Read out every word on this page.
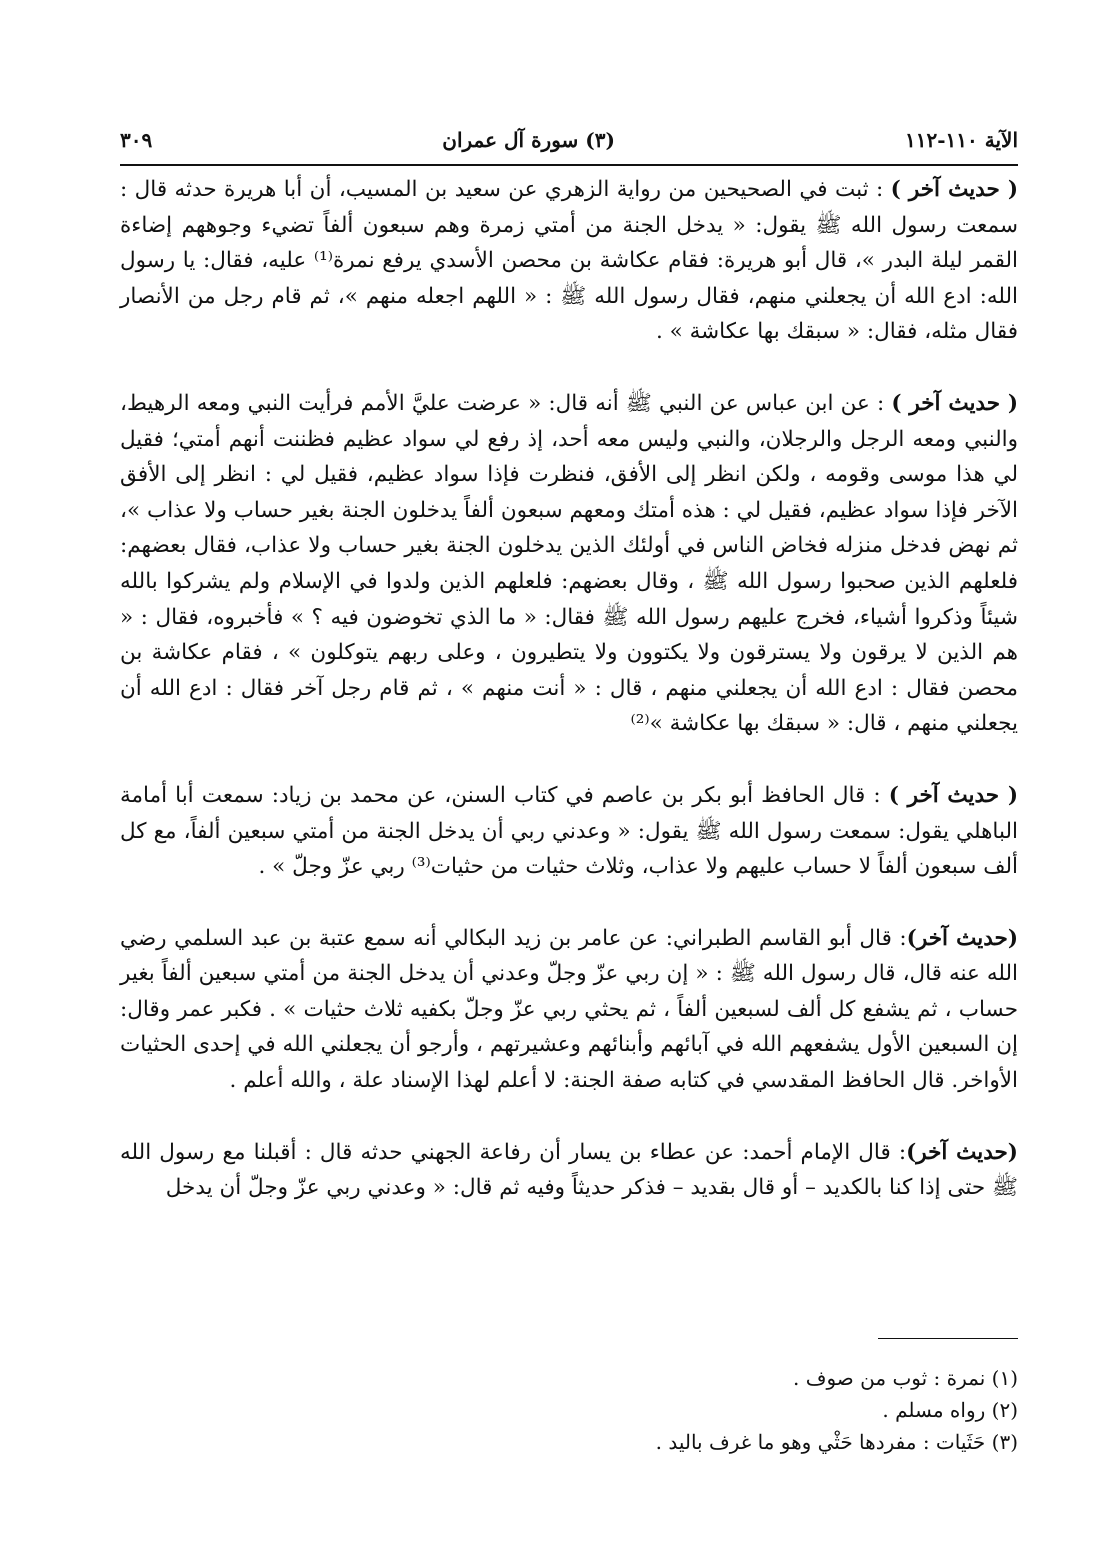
٣٠٩	(٣) سورة آل عمران	الآية ١١٠-١١٢

( حديث آخر ) : ثبت في الصحيحين من رواية الزهري عن سعيد بن المسيب، أن أبا هريرة حدثه قال : سمعت رسول الله ﷺ يقول: « يدخل الجنة من أمتي زمرة وهم سبعون ألفاً تضيء وجوههم إضاءة القمر ليلة البدر »، قال أبو هريرة: فقام عكاشة بن محصن الأسدي يرفع نمرة⁽¹⁾ عليه، فقال: يا رسول الله: ادع الله أن يجعلني منهم، فقال رسول الله ﷺ : « اللهم اجعله منهم »، ثم قام رجل من الأنصار فقال مثله، فقال: « سبقك بها عكاشة » .

( حديث آخر ) : عن ابن عباس عن النبي ﷺ أنه قال: « عرضت عليَّ الأمم فرأيت النبي ومعه الرهيط، والنبي ومعه الرجل والرجلان، والنبي وليس معه أحد، إذ رفع لي سواد عظيم فظننت أنهم أمتي؛ فقيل لي هذا موسى وقومه ، ولكن انظر إلى الأفق، فنظرت فإذا سواد عظيم، فقيل لي : انظر إلى الأفق الآخر فإذا سواد عظيم، فقيل لي : هذه أمتك ومعهم سبعون ألفاً يدخلون الجنة بغير حساب ولا عذاب »، ثم نهض فدخل منزله فخاض الناس في أولئك الذين يدخلون الجنة بغير حساب ولا عذاب، فقال بعضهم: فلعلهم الذين صحبوا رسول الله ﷺ ، وقال بعضهم: فلعلهم الذين ولدوا في الإسلام ولم يشركوا بالله شيئاً وذكروا أشياء، فخرج عليهم رسول الله ﷺ فقال: « ما الذي تخوضون فيه ؟ » فأخبروه، فقال : « هم الذين لا يرقون ولا يسترقون ولا يكتوون ولا يتطيرون ، وعلى ربهم يتوكلون » ، فقام عكاشة بن محصن فقال : ادع الله أن يجعلني منهم ، قال : « أنت منهم » ، ثم قام رجل آخر فقال : ادع الله أن يجعلني منهم ، قال: « سبقك بها عكاشة »⁽²⁾

( حديث آخر ) : قال الحافظ أبو بكر بن عاصم في كتاب السنن، عن محمد بن زياد: سمعت أبا أمامة الباهلي يقول: سمعت رسول الله ﷺ يقول: « وعدني ربي أن يدخل الجنة من أمتي سبعين ألفاً، مع كل ألف سبعون ألفاً لا حساب عليهم ولا عذاب، وثلاث حثيات من حثيات⁽³⁾ ربي عزّ وجلّ » .

(حديث آخر): قال أبو القاسم الطبراني: عن عامر بن زيد البكالي أنه سمع عتبة بن عبد السلمي رضي الله عنه قال، قال رسول الله ﷺ : « إن ربي عزّ وجلّ وعدني أن يدخل الجنة من أمتي سبعين ألفاً بغير حساب ، ثم يشفع كل ألف لسبعين ألفاً ، ثم يحثي ربي عزّ وجلّ بكفيه ثلاث حثيات » . فكبر عمر وقال: إن السبعين الأول يشفعهم الله في آبائهم وأبنائهم وعشيرتهم ، وأرجو أن يجعلني الله في إحدى الحثيات الأواخر. قال الحافظ المقدسي في كتابه صفة الجنة: لا أعلم لهذا الإسناد علة ، والله أعلم .

(حديث آخر): قال الإمام أحمد: عن عطاء بن يسار أن رفاعة الجهني حدثه قال : أقبلنا مع رسول الله ﷺ حتى إذا كنا بالكديد – أو قال بقديد – فذكر حديثاً وفيه ثم قال: « وعدني ربي عزّ وجلّ أن يدخل

(١) نمرة : ثوب من صوف .

(٢) رواه مسلم .

(٣) حَثَيات : مفردها حَثْي وهو ما غرف باليد .
